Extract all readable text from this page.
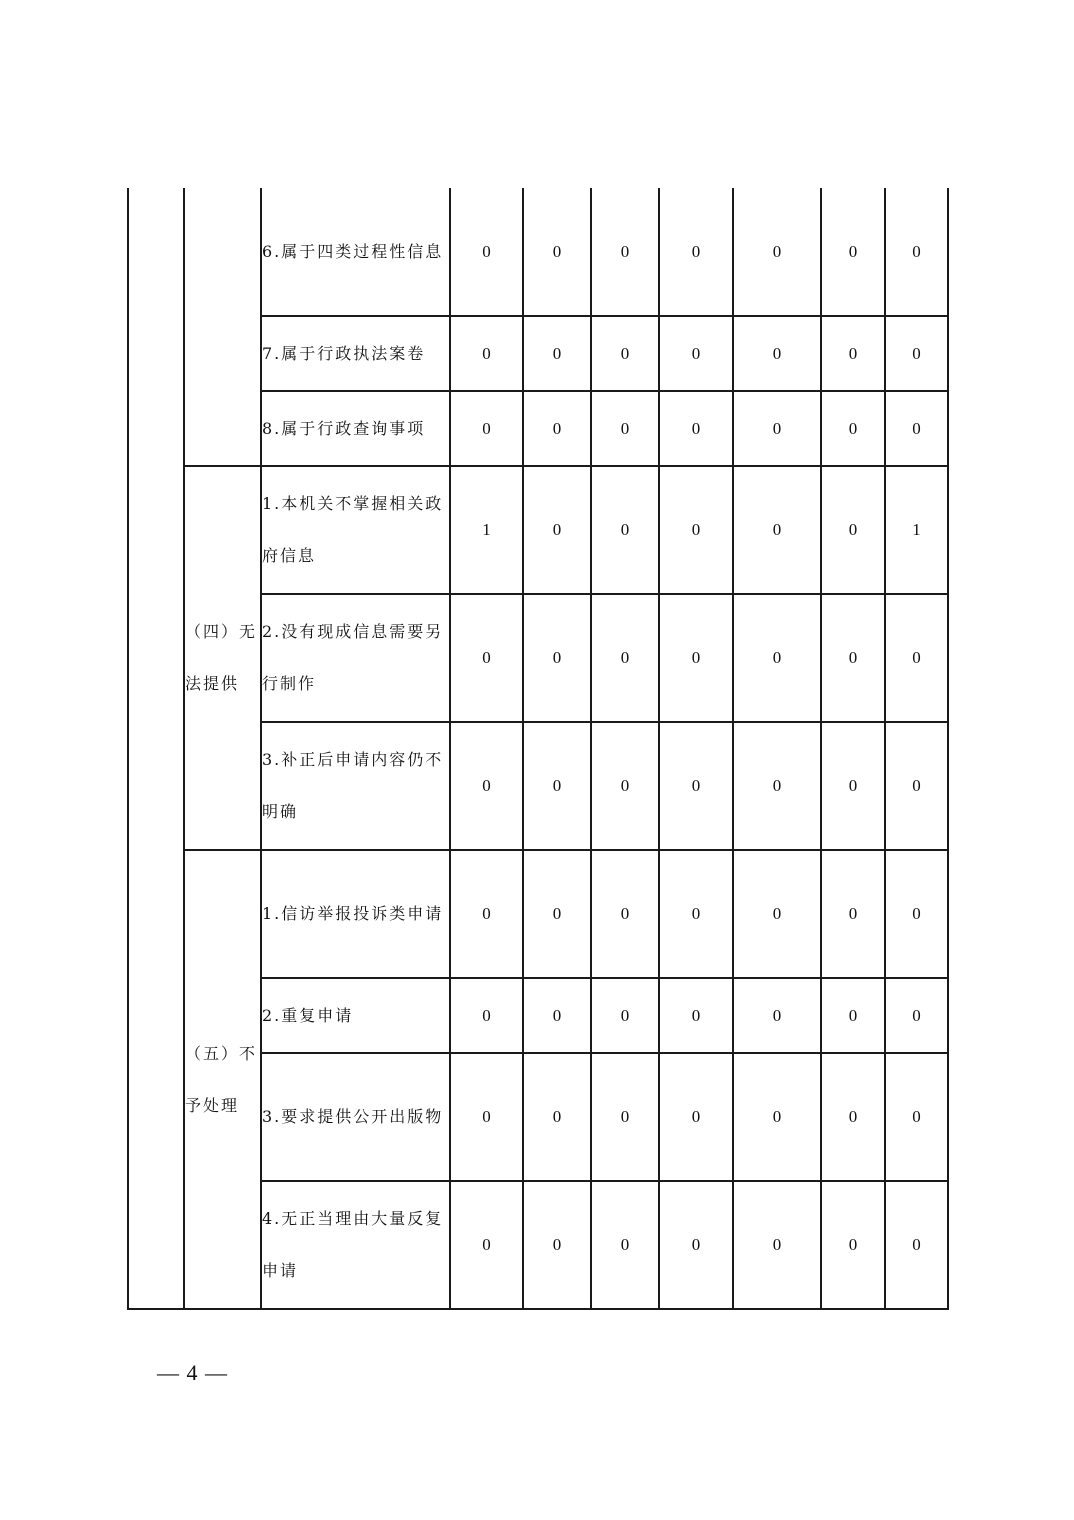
		6.属于四类过程性信息	0	0	0	0	0	0	0
		7.属于行政执法案卷	0	0	0	0	0	0	0
		8.属于行政查询事项	0	0	0	0	0	0	0
	（四）无法提供	1.本机关不掌握相关政府信息	1	0	0	0	0	0	1
		2.没有现成信息需要另行制作	0	0	0	0	0	0	0
		3.补正后申请内容仍不明确	0	0	0	0	0	0	0
	（五）不予处理	1.信访举报投诉类申请	0	0	0	0	0	0	0
		2.重复申请	0	0	0	0	0	0	0
		3.要求提供公开出版物	0	0	0	0	0	0	0
		4.无正当理由大量反复申请	0	0	0	0	0	0	0
— 4 —
